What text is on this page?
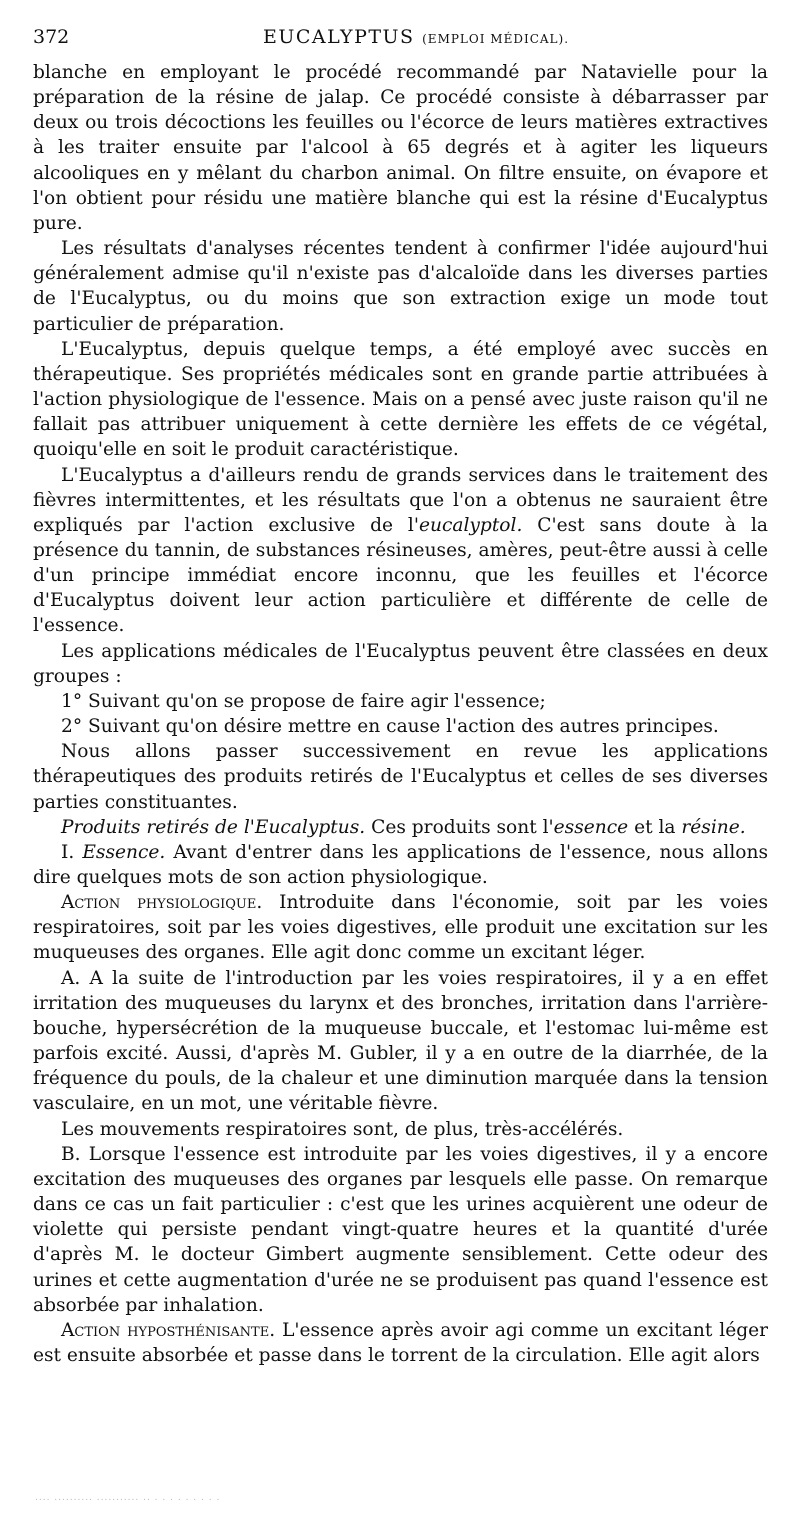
372	EUCALYPTUS (EMPLOI MÉDICAL).

blanche en employant le procédé recommandé par Natavielle pour la préparation de la résine de jalap. Ce procédé consiste à débarrasser par deux ou trois décoctions les feuilles ou l'écorce de leurs matières extractives à les traiter ensuite par l'alcool à 65 degrés et à agiter les liqueurs alcooliques en y mêlant du charbon animal. On filtre ensuite, on évapore et l'on obtient pour résidu une matière blanche qui est la résine d'Eucalyptus pure.

Les résultats d'analyses récentes tendent à confirmer l'idée aujourd'hui généralement admise qu'il n'existe pas d'alcaloïde dans les diverses parties de l'Eucalyptus, ou du moins que son extraction exige un mode tout particulier de préparation.

L'Eucalyptus, depuis quelque temps, a été employé avec succès en thérapeutique. Ses propriétés médicales sont en grande partie attribuées à l'action physiologique de l'essence. Mais on a pensé avec juste raison qu'il ne fallait pas attribuer uniquement à cette dernière les effets de ce végétal, quoiqu'elle en soit le produit caractéristique.

L'Eucalyptus a d'ailleurs rendu de grands services dans le traitement des fièvres intermittentes, et les résultats que l'on a obtenus ne sauraient être expliqués par l'action exclusive de l'eucalyptol. C'est sans doute à la présence du tannin, de substances résineuses, amères, peut-être aussi à celle d'un principe immédiat encore inconnu, que les feuilles et l'écorce d'Eucalyptus doivent leur action particulière et différente de celle de l'essence.

Les applications médicales de l'Eucalyptus peuvent être classées en deux groupes :

1° Suivant qu'on se propose de faire agir l'essence;

2° Suivant qu'on désire mettre en cause l'action des autres principes.

Nous allons passer successivement en revue les applications thérapeutiques des produits retirés de l'Eucalyptus et celles de ses diverses parties constituantes.

Produits retirés de l'Eucalyptus. Ces produits sont l'essence et la résine.

I. Essence. Avant d'entrer dans les applications de l'essence, nous allons dire quelques mots de son action physiologique.

Action physiologique. Introduite dans l'économie, soit par les voies respiratoires, soit par les voies digestives, elle produit une excitation sur les muqueuses des organes. Elle agit donc comme un excitant léger.

A. A la suite de l'introduction par les voies respiratoires, il y a en effet irritation des muqueuses du larynx et des bronches, irritation dans l'arrière-bouche, hypersécrétion de la muqueuse buccale, et l'estomac lui-même est parfois excité. Aussi, d'après M. Gubler, il y a en outre de la diarrhée, de la fréquence du pouls, de la chaleur et une diminution marquée dans la tension vasculaire, en un mot, une véritable fièvre.

Les mouvements respiratoires sont, de plus, très-accélérés.

B. Lorsque l'essence est introduite par les voies digestives, il y a encore excitation des muqueuses des organes par lesquels elle passe. On remarque dans ce cas un fait particulier : c'est que les urines acquièrent une odeur de violette qui persiste pendant vingt-quatre heures et la quantité d'urée d'après M. le docteur Gimbert augmente sensiblement. Cette odeur des urines et cette augmentation d'urée ne se produisent pas quand l'essence est absorbée par inhalation.

Action hyposthénisante. L'essence après avoir agi comme un excitant léger est ensuite absorbée et passe dans le torrent de la circulation. Elle agit alors

.... .......... ........... .. . . . . . . . . .
